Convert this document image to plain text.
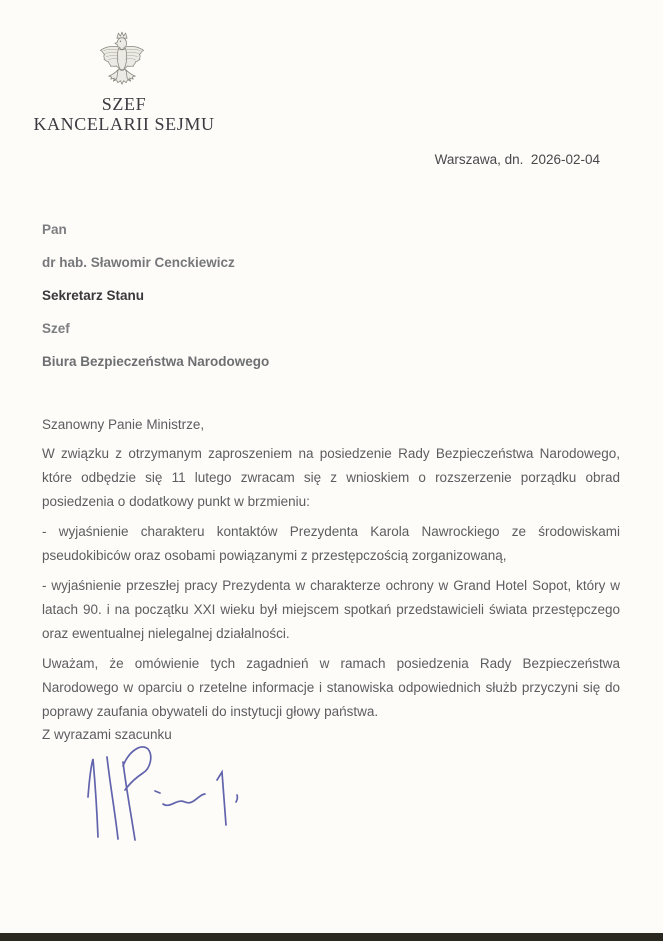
SZEF
KANCELARII SEJMU
Warszawa, dn.  2026-02-04
Pan
dr hab. Sławomir Cenckiewicz
Sekretarz Stanu
Szef
Biura Bezpieczeństwa Narodowego
Szanowny Panie Ministrze,

W związku z otrzymanym zaproszeniem na posiedzenie Rady Bezpieczeństwa Narodowego, które odbędzie się 11 lutego zwracam się z wnioskiem o rozszerzenie porządku obrad posiedzenia o dodatkowy punkt w brzmieniu:

- wyjaśnienie charakteru kontaktów Prezydenta Karola Nawrockiego ze środowiskami pseudokibiców oraz osobami powiązanymi z przestępczością zorganizowaną,

- wyjaśnienie przeszłej pracy Prezydenta w charakterze ochrony w Grand Hotel Sopot, który w latach 90. i na początku XXI wieku był miejscem spotkań przedstawicieli świata przestępczego oraz ewentualnej nielegalnej działalności.

Uważam, że omówienie tych zagadnień w ramach posiedzenia Rady Bezpieczeństwa Narodowego w oparciu o rzetelne informacje i stanowiska odpowiednich służb przyczyni się do poprawy zaufania obywateli do instytucji głowy państwa.

Z wyrazami szacunku
